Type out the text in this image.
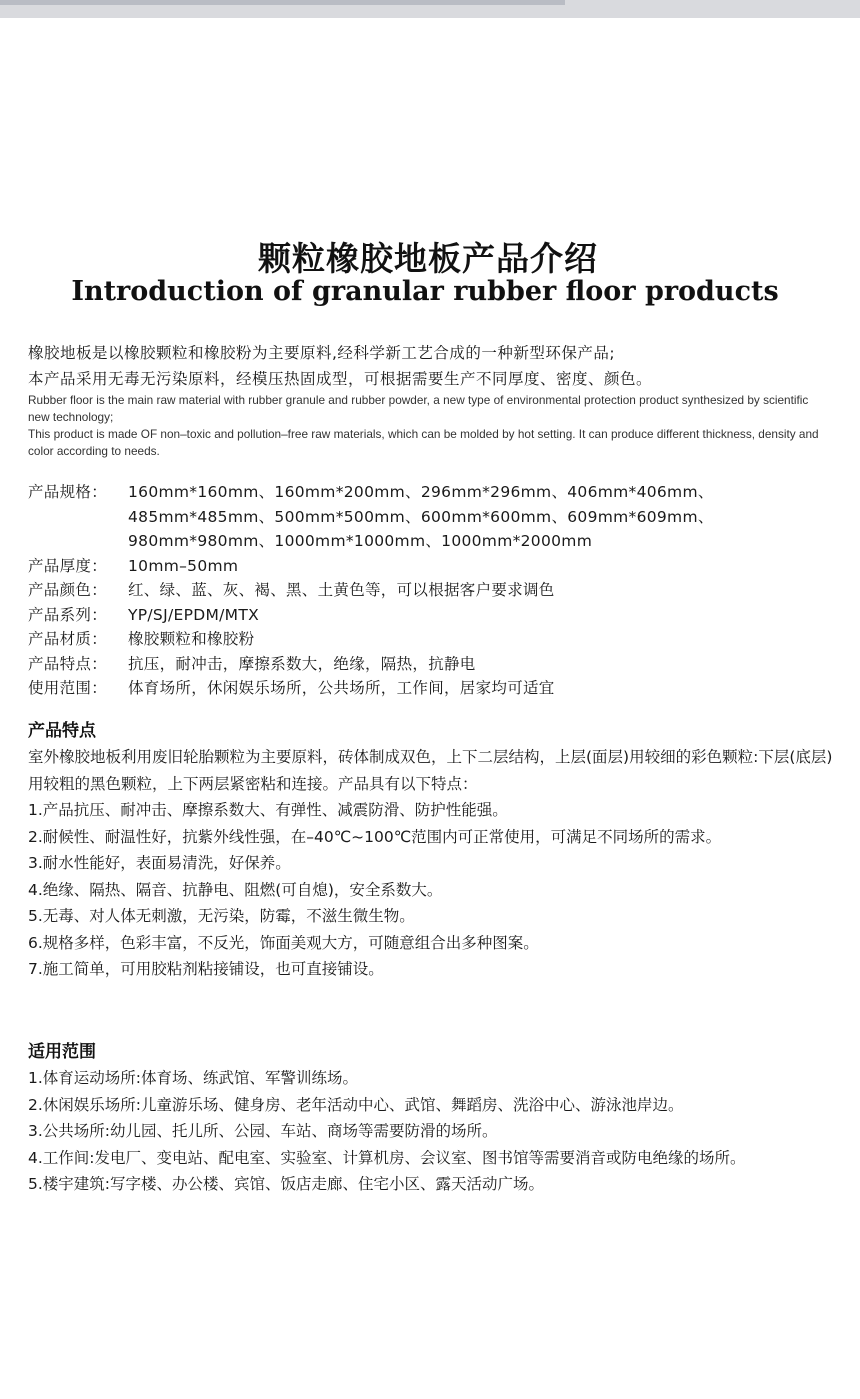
颗粒橡胶地板产品介绍
Introduction of granular rubber floor products
橡胶地板是以橡胶颗粒和橡胶粉为主要原料,经科学新工艺合成的一种新型环保产品;
本产品采用无毒无污染原料，经模压热固成型，可根据需要生产不同厚度、密度、颜色。

Rubber floor is the main raw material with rubber granule and rubber powder, a new type of environmental protection product synthesized by scientific new technology;

This product is made OF non–toxic and pollution–free raw materials, which can be molded by hot setting. It can produce different thickness, density and color according to needs.

产品规格：	160mm*160mm、160mm*200mm、296mm*296mm、406mm*406mm、
485mm*485mm、500mm*500mm、600mm*600mm、609mm*609mm、
980mm*980mm、1000mm*1000mm、1000mm*2000mm
产品厚度：	10mm–50mm
产品颜色：	红、绿、蓝、灰、褐、黑、土黄色等，可以根据客户要求调色
产品系列：	YP/SJ/EPDM/MTX
产品材质：	橡胶颗粒和橡胶粉
产品特点：	抗压，耐冲击，摩擦系数大，绝缘，隔热，抗静电
使用范围：	体育场所，休闲娱乐场所，公共场所，工作间，居家均可适宜
产品特点

室外橡胶地板利用废旧轮胎颗粒为主要原料，砖体制成双色，上下二层结构，上层(面层)用较细的彩色颗粒:下层(底层)用较粗的黑色颗粒，上下两层紧密粘和连接。产品具有以下特点：

1.产品抗压、耐冲击、摩擦系数大、有弹性、减震防滑、防护性能强。

2.耐候性、耐温性好，抗紫外线性强，在–40℃~100℃范围内可正常使用，可满足不同场所的需求。

3.耐水性能好，表面易清洗，好保养。

4.绝缘、隔热、隔音、抗静电、阻燃(可自熄)，安全系数大。

5.无毒、对人体无刺激，无污染，防霉，不滋生微生物。

6.规格多样，色彩丰富，不反光，饰面美观大方，可随意组合出多种图案。

7.施工简单，可用胶粘剂粘接铺设，也可直接铺设。

适用范围

1.体育运动场所:体育场、练武馆、军警训练场。

2.休闲娱乐场所:儿童游乐场、健身房、老年活动中心、武馆、舞蹈房、洗浴中心、游泳池岸边。

3.公共场所:幼儿园、托儿所、公园、车站、商场等需要防滑的场所。

4.工作间:发电厂、变电站、配电室、实验室、计算机房、会议室、图书馆等需要消音或防电绝缘的场所。

5.楼宇建筑:写字楼、办公楼、宾馆、饭店走廊、住宅小区、露天活动广场。
